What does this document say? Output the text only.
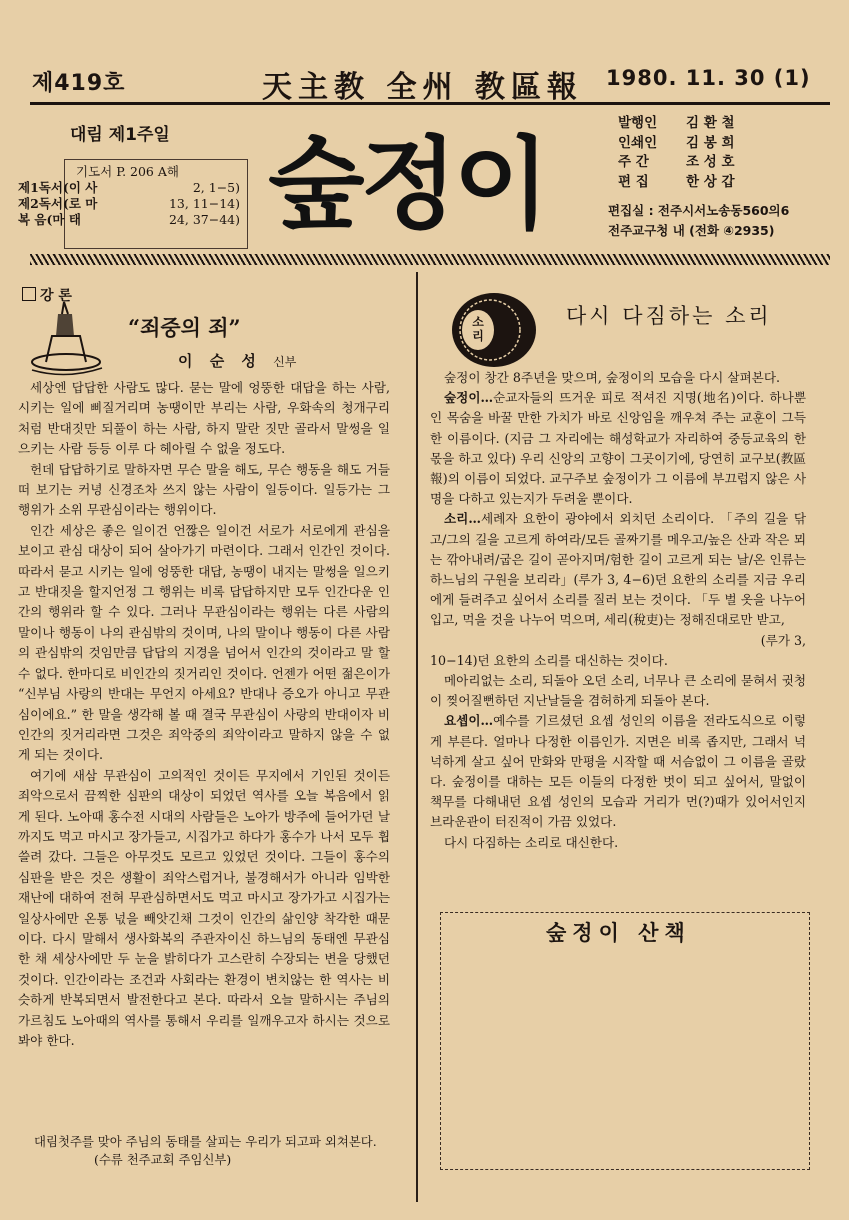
제419호	天主教 全州 教區報 1980. 11. 30 (1)
대림 제1주일
기도서 P. 206 A해
제1독서(이 사	2, 1−5)
제2독서(로 마	13, 11−14)
복 음(마 태	24, 37−44) 숲정이
발행인	김 환 철
인쇄인	김 봉 희
주 간	조 성 호
편 집	한 상 갑
편집실 : 전주시서노송동560의6
전주교구청 내 (전화 ④2935)
강 론
“죄중의 죄”
이 순 성 신부

세상엔 답답한 사람도 많다. 묻는 말에 엉뚱한 대답을 하는 사람, 시키는 일에 삐질거리며 농땡이만 부리는 사람, 우화속의 청개구리 처럼 반대짓만 되풀이 하는 사람, 하지 말란 짓만 골라서 말썽을 일으키는 사람 등등 이루 다 헤아릴 수 없을 정도다.

헌데 답답하기로 말하자면 무슨 말을 해도, 무슨 행동을 해도 거들떠 보기는 커녕 신경조차 쓰지 않는 사람이 일등이다. 일등가는 그 행위가 소위 무관심이라는 행위이다.

인간 세상은 좋은 일이건 언짢은 일이건 서로가 서로에게 관심을 보이고 관심 대상이 되어 살아가기 마련이다. 그래서 인간인 것이다. 따라서 묻고 시키는 일에 엉뚱한 대답, 농땡이 내지는 말썽을 일으키고 반대짓을 할지언정 그 행위는 비록 답답하지만 모두 인간다운 인간의 행위라 할 수 있다. 그러나 무관심이라는 행위는 다른 사람의 말이나 행동이 나의 관심밖의 것이며, 나의 말이나 행동이 다른 사람의 관심밖의 것임만큼 답답의 지경을 넘어서 인간의 것이라고 말 할 수 없다. 한마디로 비인간의 짓거리인 것이다. 언젠가 어떤 젊은이가 “신부님 사랑의 반대는 무언지 아세요? 반대나 증오가 아니고 무관심이에요.” 한 말을 생각해 볼 때 결국 무관심이 사랑의 반대이자 비인간의 짓거리라면 그것은 죄악중의 죄악이라고 말하지 않을 수 없게 되는 것이다.

여기에 새삼 무관심이 고의적인 것이든 무지에서 기인된 것이든 죄악으로서 끔찍한 심판의 대상이 되었던 역사를 오늘 복음에서 읽게 된다. 노아때 홍수전 시대의 사람들은 노아가 방주에 들어가던 날까지도 먹고 마시고 장가들고, 시집가고 하다가 홍수가 나서 모두 휩쓸려 갔다. 그들은 아무것도 모르고 있었던 것이다. 그들이 홍수의 심판을 받은 것은 생활이 죄악스럽거나, 불경해서가 아니라 임박한 재난에 대하여 전혀 무관심하면서도 먹고 마시고 장가가고 시집가는 일상사에만 온통 넋을 빼앗긴채 그것이 인간의 삶인양 착각한 때문이다. 다시 말해서 생사화복의 주관자이신 하느님의 동태엔 무관심한 채 세상사에만 두 눈을 밝히다가 고스란히 수장되는 변을 당했던 것이다. 인간이라는 조건과 사회라는 환경이 변치않는 한 역사는 비슷하게 반복되면서 발전한다고 본다. 따라서 오늘 말하시는 주님의 가르침도 노아때의 역사를 통해서 우리를 일깨우고자 하시는 것으로 봐야 한다.

대림첫주를 맞아 주님의 동태를 살피는 우리가 되고파 외쳐본다. (수류 천주교회 주임신부)
소
리
다시 다짐하는 소리

숲정이 창간 8주년을 맞으며, 숲정이의 모습을 다시 살펴본다.

숲정이…순교자들의 뜨거운 피로 적셔진 지명(地名)이다. 하나뿐인 목숨을 바꿀 만한 가치가 바로 신앙임을 깨우쳐 주는 교훈이 그득한 이름이다. (지금 그 자리에는 해성학교가 자리하여 중등교육의 한 몫을 하고 있다) 우리 신앙의 고향이 그곳이기에, 당연히 교구보(教區報)의 이름이 되었다. 교구주보 숲정이가 그 이름에 부끄럽지 않은 사명을 다하고 있는지가 두려울 뿐이다.

소리…세례자 요한이 광야에서 외치던 소리이다. 「주의 길을 닦고/그의 길을 고르게 하여라/모든 골짜기를 메우고/높은 산과 작은 뫼는 깎아내려/굽은 길이 곧아지며/험한 길이 고르게 되는 날/온 인류는 하느님의 구원을 보리라」(루가 3, 4−6)던 요한의 소리를 지금 우리에게 들려주고 싶어서 소리를 질러 보는 것이다. 「두 벌 옷을 나누어 입고, 먹을 것을 나누어 먹으며, 세리(稅吏)는 정해진대로만 받고,

(루가 3,

10−14)던 요한의 소리를 대신하는 것이다.

메아리없는 소리, 되돌아 오던 소리, 너무나 큰 소리에 묻혀서 귓청이 찢어질뻔하던 지난날들을 겸허하게 되돌아 본다.

요셉이…예수를 기르셨던 요셉 성인의 이름을 전라도식으로 이렇게 부른다. 얼마나 다정한 이름인가. 지면은 비록 좁지만, 그래서 넉넉하게 살고 싶어 만화와 만평을 시작할 때 서슴없이 그 이름을 골랐다. 숲정이를 대하는 모든 이들의 다정한 벗이 되고 싶어서, 말없이 책무를 다해내던 요셉 성인의 모습과 거리가 먼(?)때가 있어서인지 브라운관이 터진적이 가끔 있었다.

다시 다짐하는 소리로 대신한다.

숲정이 산책
